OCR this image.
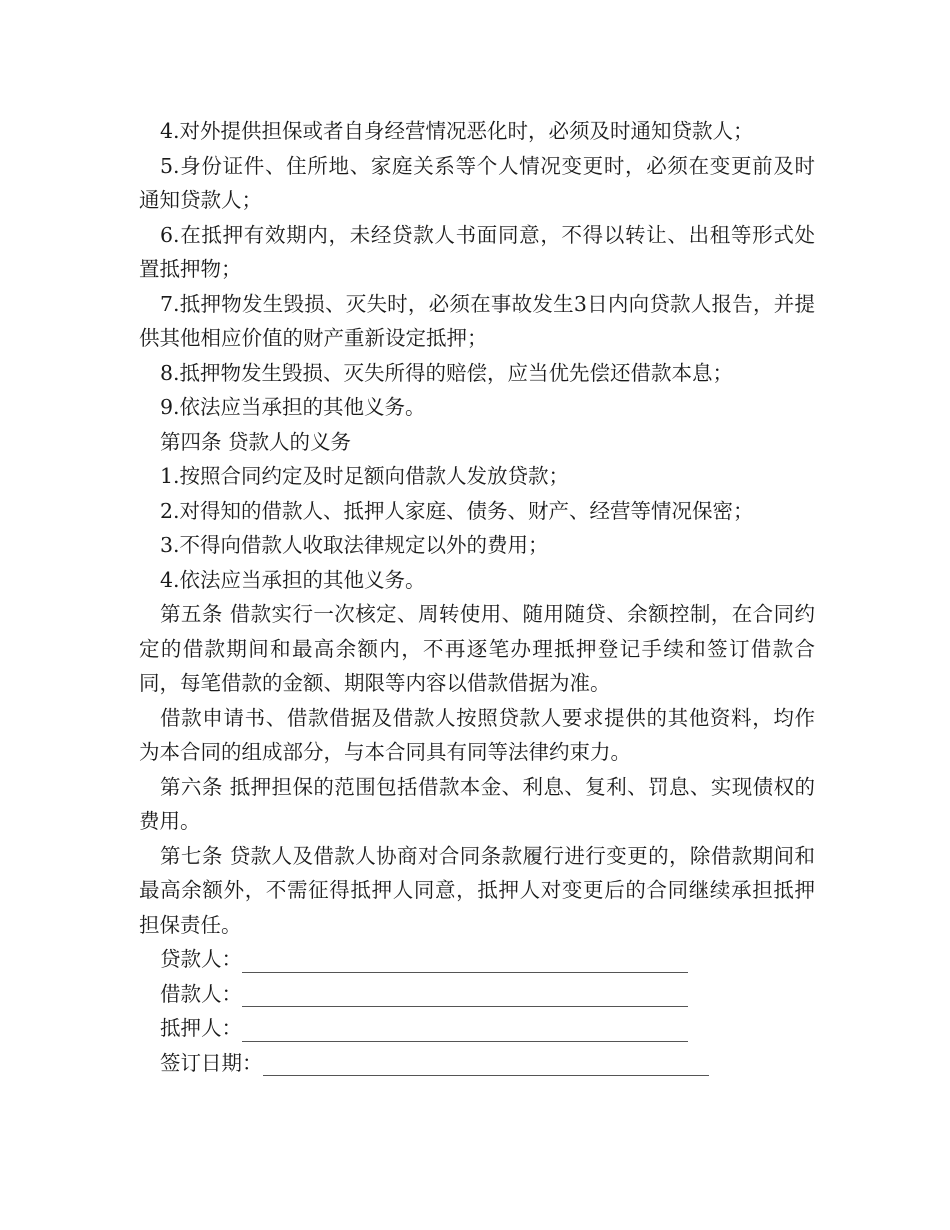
4.对外提供担保或者自身经营情况恶化时，必须及时通知贷款人；

5.身份证件、住所地、家庭关系等个人情况变更时，必须在变更前及时通知贷款人；

6.在抵押有效期内，未经贷款人书面同意，不得以转让、出租等形式处置抵押物；

7.抵押物发生毁损、灭失时，必须在事故发生3日内向贷款人报告，并提供其他相应价值的财产重新设定抵押；

8.抵押物发生毁损、灭失所得的赔偿，应当优先偿还借款本息；

9.依法应当承担的其他义务。

第四条 贷款人的义务

1.按照合同约定及时足额向借款人发放贷款；

2.对得知的借款人、抵押人家庭、债务、财产、经营等情况保密；

3.不得向借款人收取法律规定以外的费用；

4.依法应当承担的其他义务。

第五条 借款实行一次核定、周转使用、随用随贷、余额控制，在合同约定的借款期间和最高余额内，不再逐笔办理抵押登记手续和签订借款合同，每笔借款的金额、期限等内容以借款借据为准。

借款申请书、借款借据及借款人按照贷款人要求提供的其他资料，均作为本合同的组成部分，与本合同具有同等法律约束力。

第六条 抵押担保的范围包括借款本金、利息、复利、罚息、实现债权的费用。

第七条 贷款人及借款人协商对合同条款履行进行变更的，除借款期间和最高余额外，不需征得抵押人同意，抵押人对变更后的合同继续承担抵押担保责任。

贷款人：
借款人：
抵押人：
签订日期：
